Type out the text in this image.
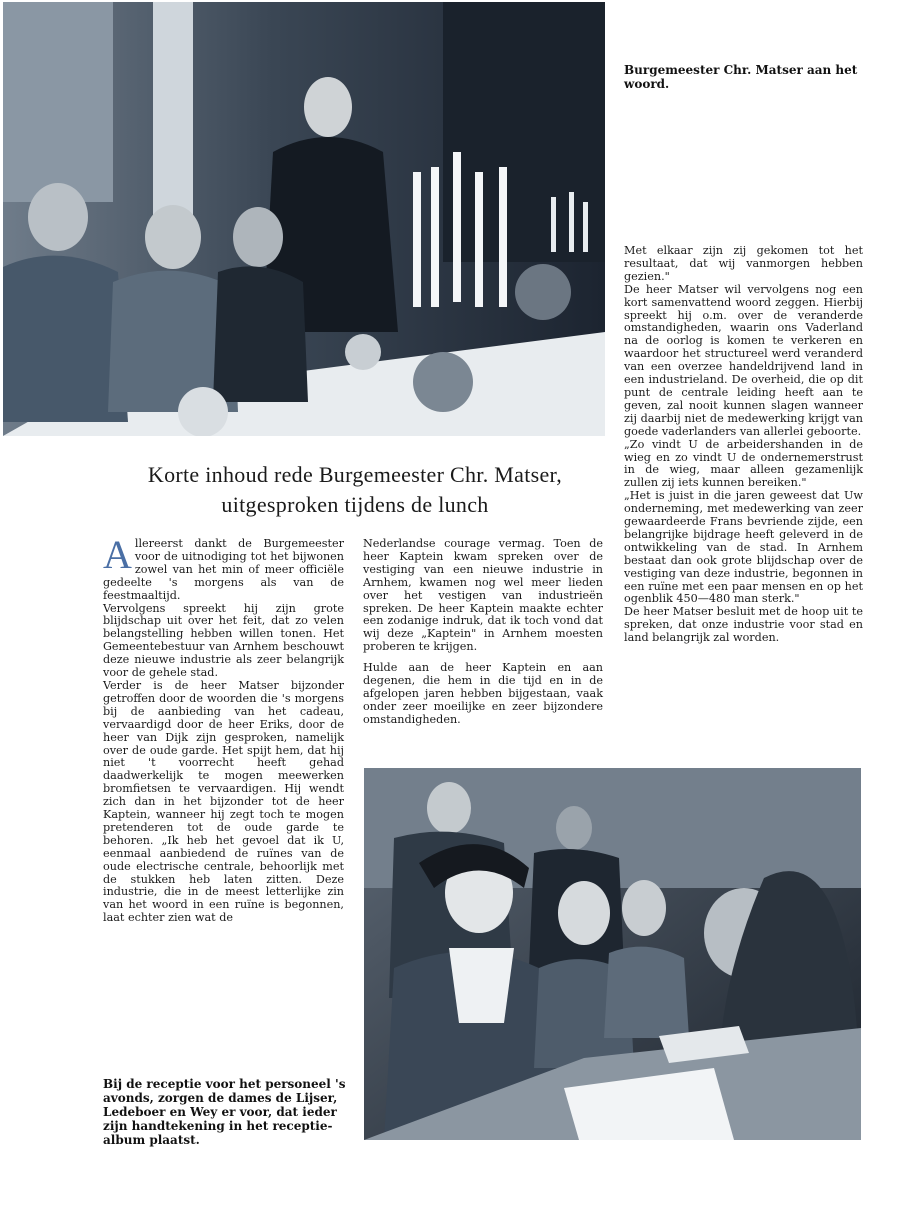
Burgemeester Chr. Matser aan het woord.
Korte inhoud rede Burgemeester Chr. Matser,
uitgesproken tijdens de lunch

Allereerst dankt de Burgemeester voor de uitnodiging tot het bijwonen zowel van het min of meer officiële gedeelte 's morgens als van de feestmaaltijd.

Vervolgens spreekt hij zijn grote blijdschap uit over het feit, dat zo velen belangstelling hebben willen tonen. Het Gemeentebestuur van Arnhem beschouwt deze nieuwe industrie als zeer belangrijk voor de gehele stad.

Verder is de heer Matser bijzonder getroffen door de woorden die 's morgens bij de aanbieding van het cadeau, vervaardigd door de heer Eriks, door de heer van Dijk zijn gesproken, namelijk over de oude garde. Het spijt hem, dat hij niet 't voorrecht heeft gehad daadwerkelijk te mogen meewerken bromfietsen te vervaardigen. Hij wendt zich dan in het bijzonder tot de heer Kaptein, wanneer hij zegt toch te mogen pretenderen tot de oude garde te behoren. „Ik heb het gevoel dat ik U, eenmaal aanbiedend de ruïnes van de oude electrische centrale, behoorlijk met de stukken heb laten zitten. Deze industrie, die in de meest letterlijke zin van het woord in een ruïne is begonnen, laat echter zien wat de

Nederlandse courage vermag. Toen de heer Kaptein kwam spreken over de vestiging van een nieuwe industrie in Arnhem, kwamen nog wel meer lieden over het vestigen van industrieën spreken. De heer Kaptein maakte echter een zodanige indruk, dat ik toch vond dat wij deze „Kaptein" in Arnhem moesten proberen te krijgen.

Hulde aan de heer Kaptein en aan degenen, die hem in die tijd en in de afgelopen jaren hebben bijgestaan, vaak onder zeer moeilijke en zeer bijzondere omstandigheden.

Met elkaar zijn zij gekomen tot het resultaat, dat wij vanmorgen hebben gezien."

De heer Matser wil vervolgens nog een kort samenvattend woord zeggen. Hierbij spreekt hij o.m. over de veranderde omstandigheden, waarin ons Vaderland na de oorlog is komen te verkeren en waardoor het structureel werd veranderd van een overzee handeldrijvend land in een industrieland. De overheid, die op dit punt de centrale leiding heeft aan te geven, zal nooit kunnen slagen wanneer zij daarbij niet de medewerking krijgt van goede vaderlanders van allerlei geboorte.

„Zo vindt U de arbeidershanden in de wieg en zo vindt U de ondernemerstrust in de wieg, maar alleen gezamenlijk zullen zij iets kunnen bereiken."

„Het is juist in die jaren geweest dat Uw onderneming, met medewerking van zeer gewaardeerde Frans bevriende zijde, een belangrijke bijdrage heeft geleverd in de ontwikkeling van de stad. In Arnhem bestaat dan ook grote blijdschap over de vestiging van deze industrie, begonnen in een ruïne met een paar mensen en op het ogenblik 450—480 man sterk."

De heer Matser besluit met de hoop uit te spreken, dat onze industrie voor stad en land belangrijk zal worden.

Bij de receptie voor het personeel 's avonds, zorgen de dames de Lijser, Ledeboer en Wey er voor, dat ieder zijn handtekening in het receptie-album plaatst.
